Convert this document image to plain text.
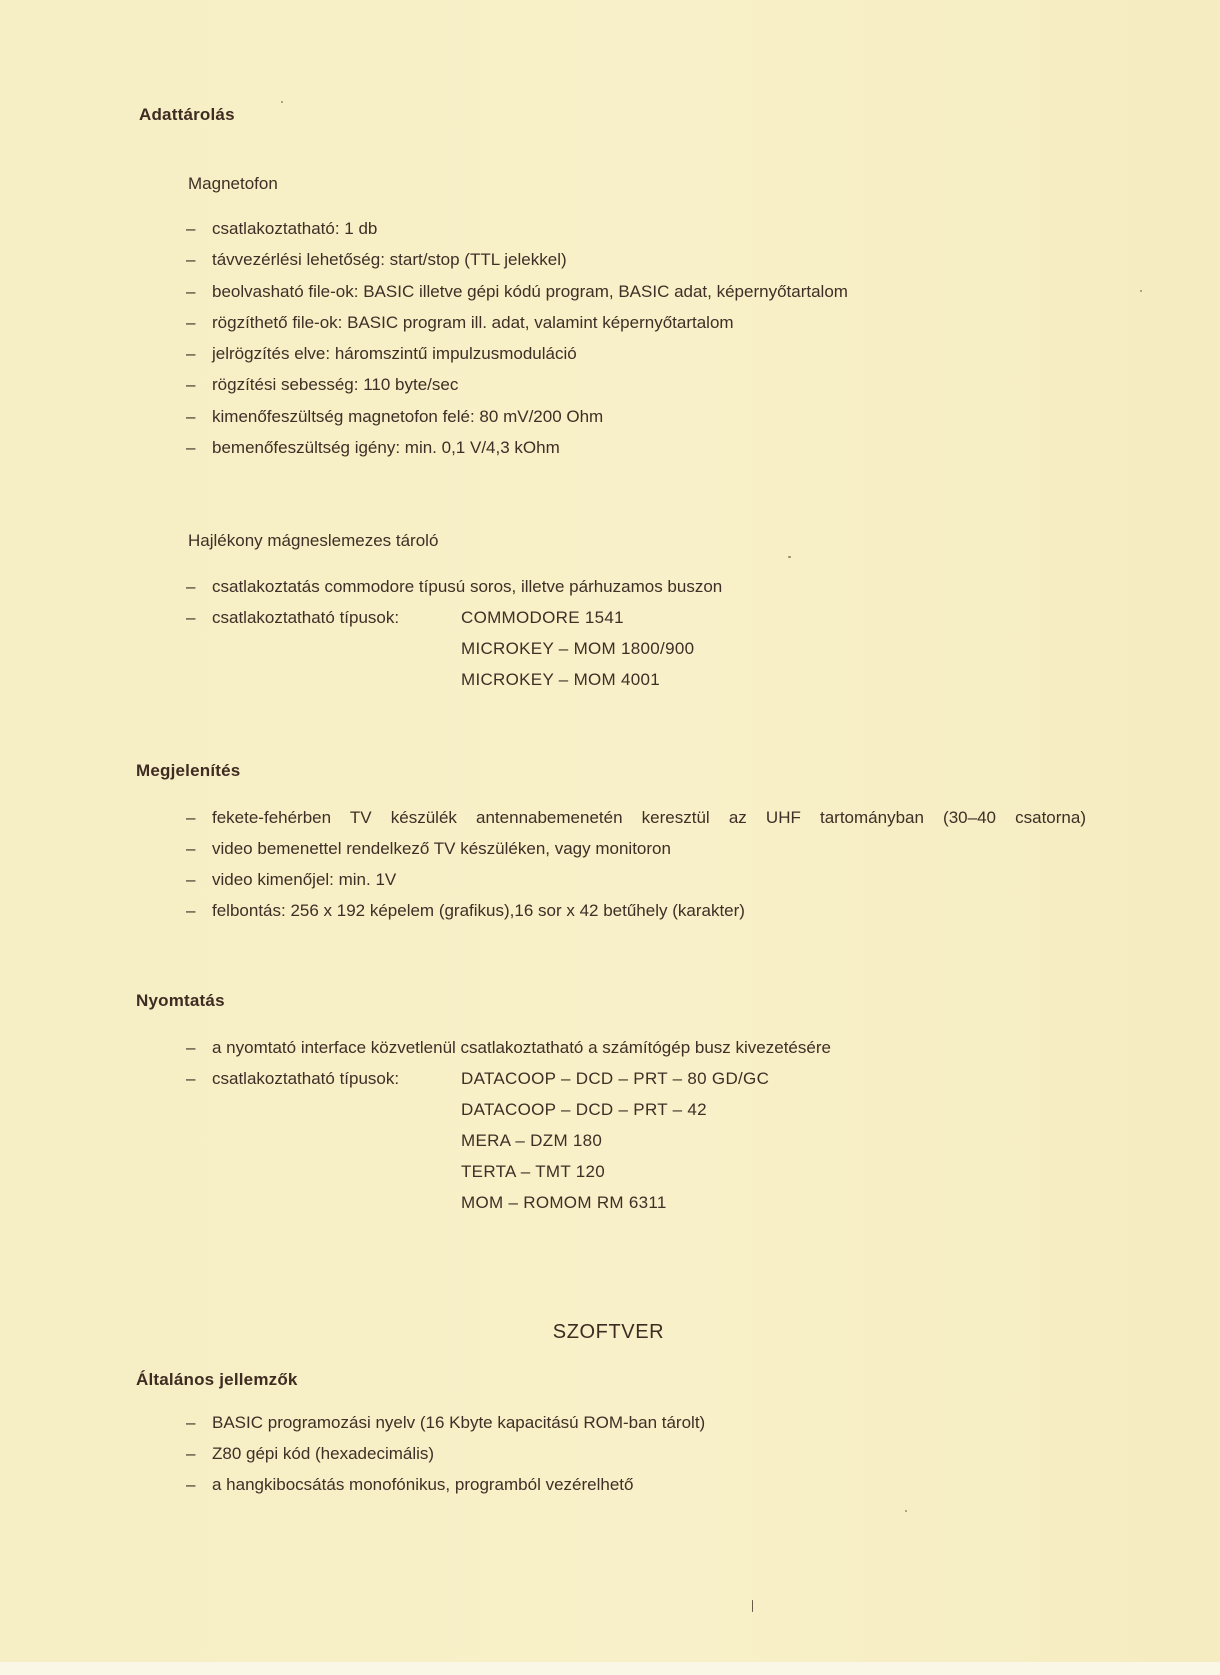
Adattárolás
Magnetofon
– csatlakoztatható: 1 db
– távvezérlési lehetőség: start/stop (TTL jelekkel)
– beolvasható file-ok: BASIC illetve gépi kódú program, BASIC adat, képernyőtartalom
– rögzíthető file-ok: BASIC program ill. adat, valamint képernyőtartalom
– jelrögzítés elve: háromszintű impulzusmoduláció
– rögzítési sebesség: 110 byte/sec
– kimenőfeszültség magnetofon felé: 80 mV/200 Ohm
– bemenőfeszültség igény: min. 0,1 V/4,3 kOhm
Hajlékony mágneslemezes tároló
– csatlakoztatás commodore típusú soros, illetve párhuzamos buszon
– csatlakoztatható típusok:	COMMODORE 1541
MICROKEY – MOM 1800/900
MICROKEY – MOM 4001
Megjelenítés
– fekete-fehérben TV készülék antennabemenetén keresztül az UHF tartományban (30–40 csatorna)
– video bemenettel rendelkező TV készüléken, vagy monitoron
– video kimenőjel: min. 1V
– felbontás: 256 x 192 képelem (grafikus),16 sor x 42 betűhely (karakter)
Nyomtatás
– a nyomtató interface közvetlenül csatlakoztatható a számítógép busz kivezetésére
– csatlakoztatható típusok:	DATACOOP – DCD – PRT – 80 GD/GC
DATACOOP – DCD – PRT – 42
MERA – DZM 180
TERTA – TMT 120
MOM – ROMOM RM 6311
SZOFTVER
Általános jellemzők
– BASIC programozási nyelv (16 Kbyte kapacitású ROM-ban tárolt)
– Z80 gépi kód (hexadecimális)
– a hangkibocsátás monofónikus, programból vezérelhető
